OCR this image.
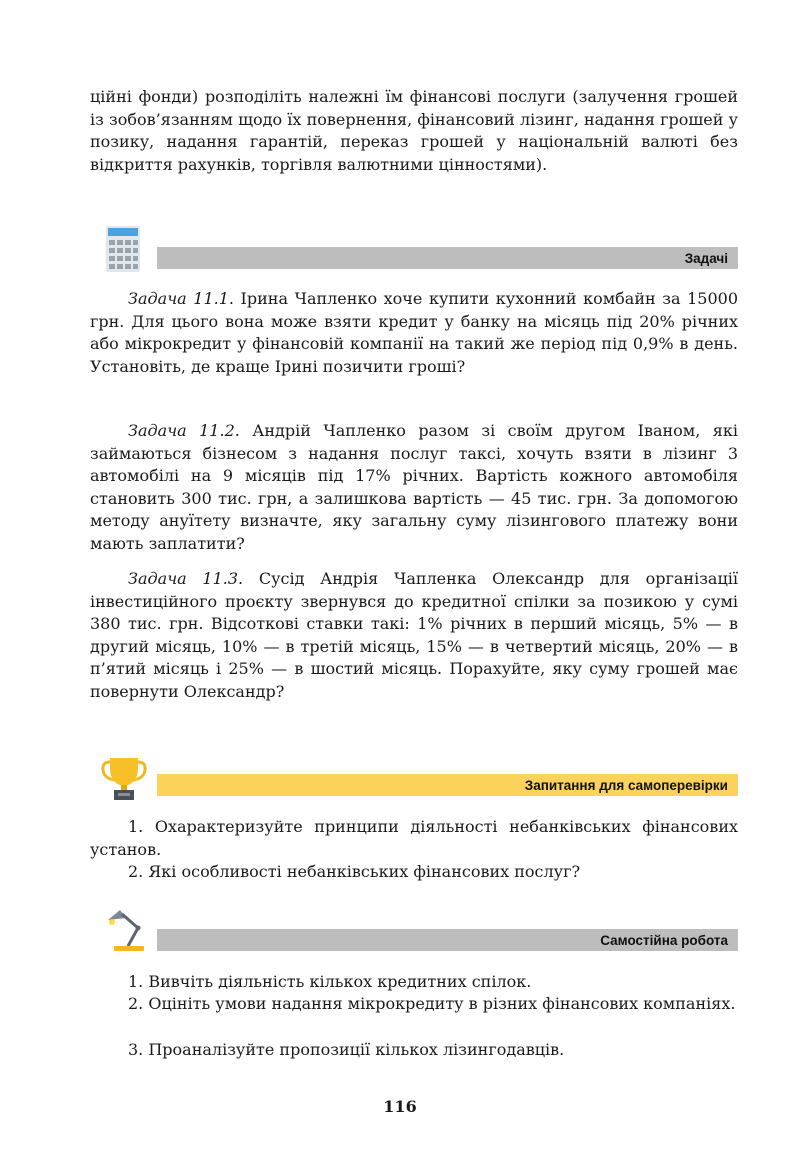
ційні фонди) розподіліть належні їм фінансові послуги (залучення грошей із зобов’язанням щодо їх повернення, фінансовий лізинг, надання грошей у позику, надання гарантій, переказ грошей у національній валюті без відкриття рахунків, торгівля валютними цінностями).

Задачі

Задача 11.1. Ірина Чапленко хоче купити кухонний комбайн за 15000 грн. Для цього вона може взяти кредит у банку на місяць під 20% річних або мікрокредит у фінансовій компанії на такий же період під 0,9% в день. Установіть, де краще Ірині позичити гроші?

Задача 11.2. Андрій Чапленко разом зі своїм другом Іваном, які займаються бізнесом з надання послуг таксі, хочуть взяти в лізинг 3 автомобілі на 9 місяців під 17% річних. Вартість кожного автомобіля становить 300 тис. грн, а залишкова вартість — 45 тис. грн. За допомогою методу ануїтету визначте, яку загальну суму лізингового платежу вони мають заплатити?

Задача 11.3. Сусід Андрія Чапленка Олександр для організації інвестиційного проєкту звернувся до кредитної спілки за позикою у сумі 380 тис. грн. Відсоткові ставки такі: 1% річних в перший місяць, 5% — в другий місяць, 10% — в третій місяць, 15% — в четвертий місяць, 20% — в п’ятий місяць і 25% — в шостий місяць. Порахуйте, яку суму грошей має повернути Олександр?

Запитання для самоперевірки

1. Охарактеризуйте принципи діяльності небанківських фінансових установ.

2. Які особливості небанківських фінансових послуг?

Самостійна робота

1. Вивчіть діяльність кількох кредитних спілок.

2. Оцініть умови надання мікрокредиту в різних фінансових компаніях.

3. Проаналізуйте пропозиції кількох лізингодавців.

116
